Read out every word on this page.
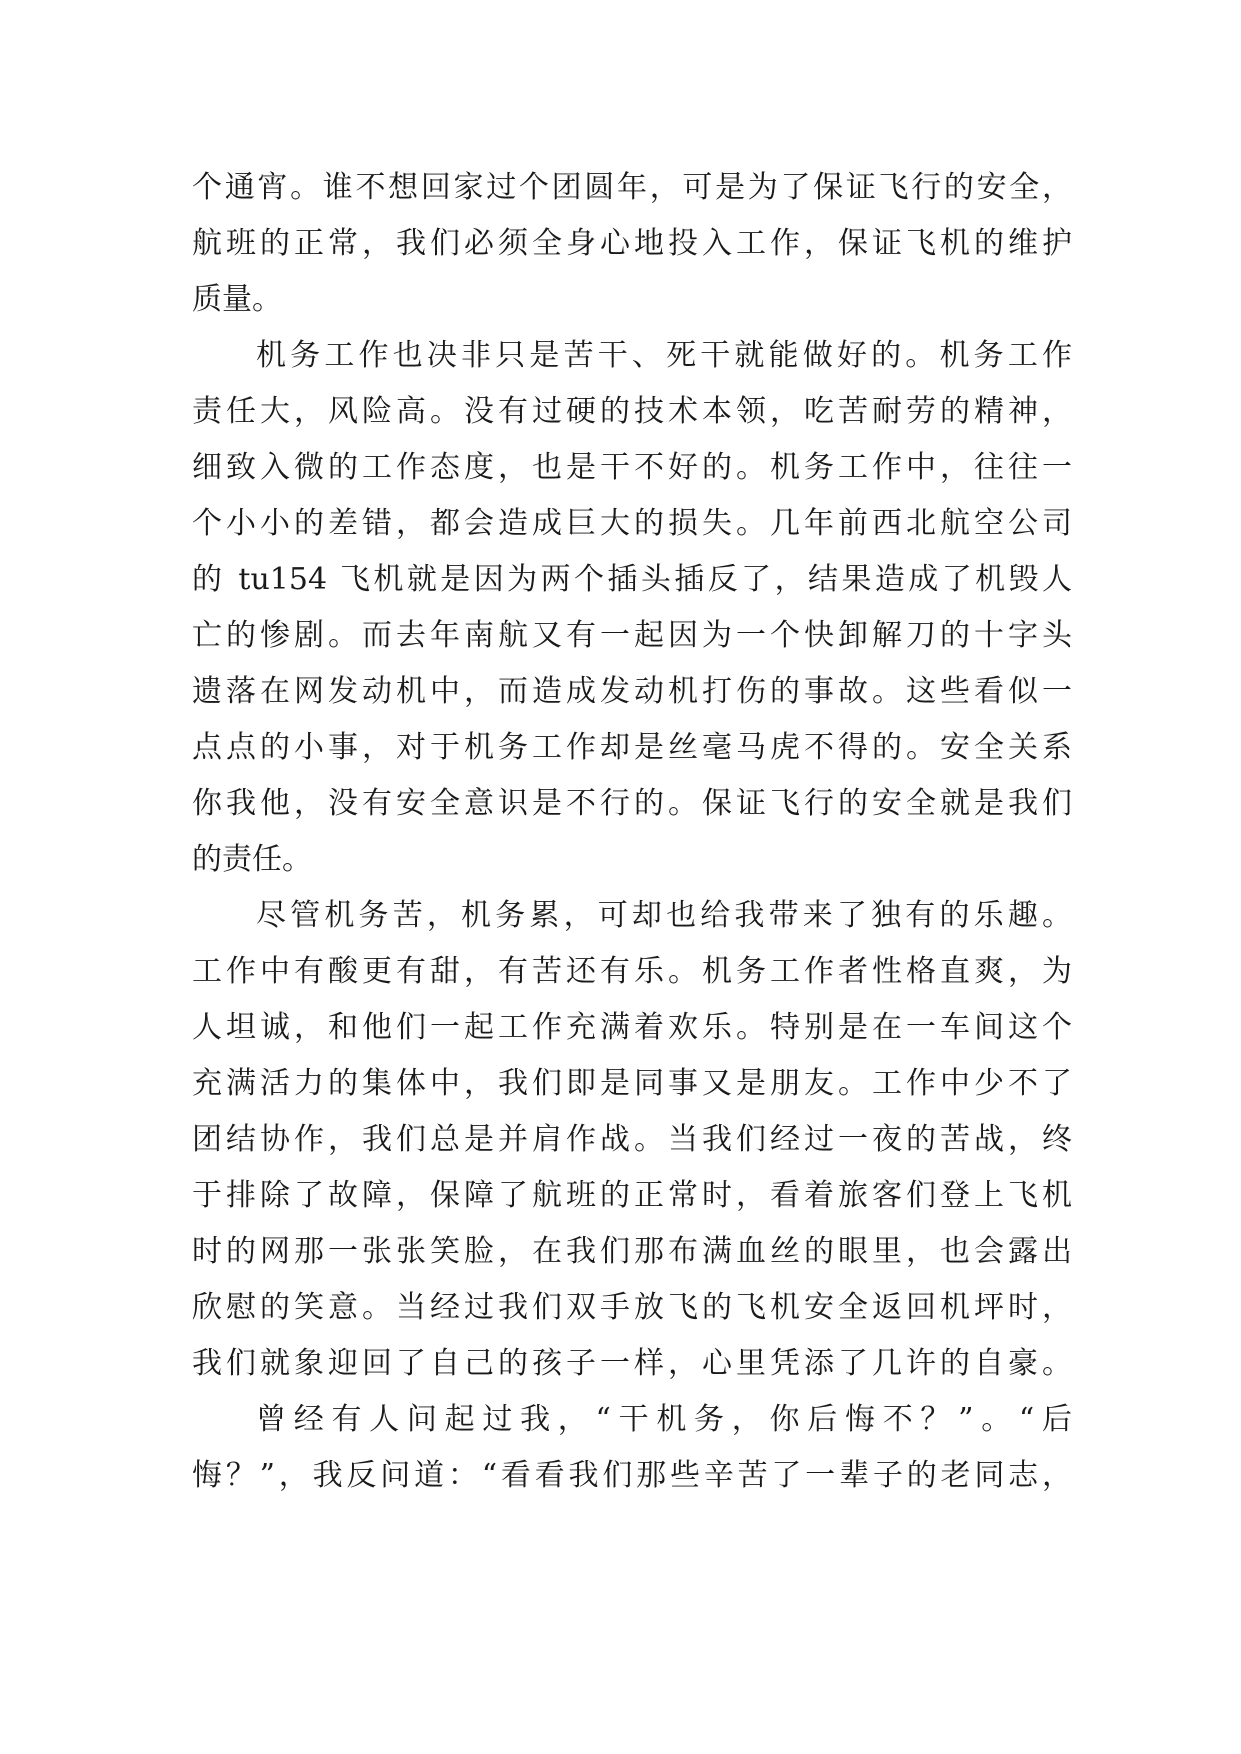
个通宵。谁不想回家过个团圆年，可是为了保证飞行的安全，
航班的正常，我们必须全身心地投入工作，保证飞机的维护
质量。
机务工作也决非只是苦干、死干就能做好的。机务工作
责任大，风险高。没有过硬的技术本领，吃苦耐劳的精神，
细致入微的工作态度，也是干不好的。机务工作中，往往一
个小小的差错，都会造成巨大的损失。几年前西北航空公司
的 tu154 飞机就是因为两个插头插反了，结果造成了机毁人
亡的惨剧。而去年南航又有一起因为一个快卸解刀的十字头
遗落在网发动机中，而造成发动机打伤的事故。这些看似一
点点的小事，对于机务工作却是丝毫马虎不得的。安全关系
你我他，没有安全意识是不行的。保证飞行的安全就是我们
的责任。
尽管机务苦，机务累，可却也给我带来了独有的乐趣。
工作中有酸更有甜，有苦还有乐。机务工作者性格直爽，为
人坦诚，和他们一起工作充满着欢乐。特别是在一车间这个
充满活力的集体中，我们即是同事又是朋友。工作中少不了
团结协作，我们总是并肩作战。当我们经过一夜的苦战，终
于排除了故障，保障了航班的正常时，看着旅客们登上飞机
时的网那一张张笑脸，在我们那布满血丝的眼里，也会露出
欣慰的笑意。当经过我们双手放飞的飞机安全返回机坪时，
我们就象迎回了自己的孩子一样，心里凭添了几许的自豪。
曾经有人问起过我，“干机务，你后悔不？”。“后
悔？”，我反问道：“看看我们那些辛苦了一辈子的老同志，
